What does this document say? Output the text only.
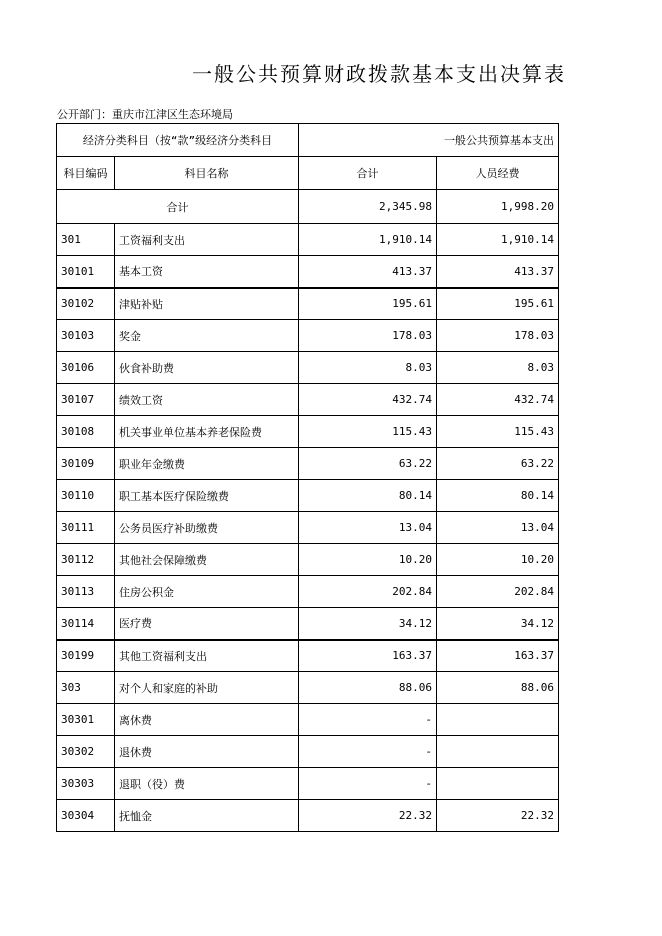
一般公共预算财政拨款基本支出决算表
公开部门：重庆市江津区生态环境局
经济分类科目（按“款”级经济分类科目		一般公共预算基本支出	
科目编码	科目名称	合计	人员经费
合计		2,345.98	1,998.20
301	工资福利支出	1,910.14	1,910.14
30101	基本工资	413.37	413.37
30102	津贴补贴	195.61	195.61
30103	奖金	178.03	178.03
30106	伙食补助费	8.03	8.03
30107	绩效工资	432.74	432.74
30108	机关事业单位基本养老保险费	115.43	115.43
30109	职业年金缴费	63.22	63.22
30110	职工基本医疗保险缴费	80.14	80.14
30111	公务员医疗补助缴费	13.04	13.04
30112	其他社会保障缴费	10.20	10.20
30113	住房公积金	202.84	202.84
30114	医疗费	34.12	34.12
30199	其他工资福利支出	163.37	163.37
303	对个人和家庭的补助	88.06	88.06
30301	离休费	-	
30302	退休费	-	
30303	退职（役）费	-	
30304	抚恤金	22.32	22.32
